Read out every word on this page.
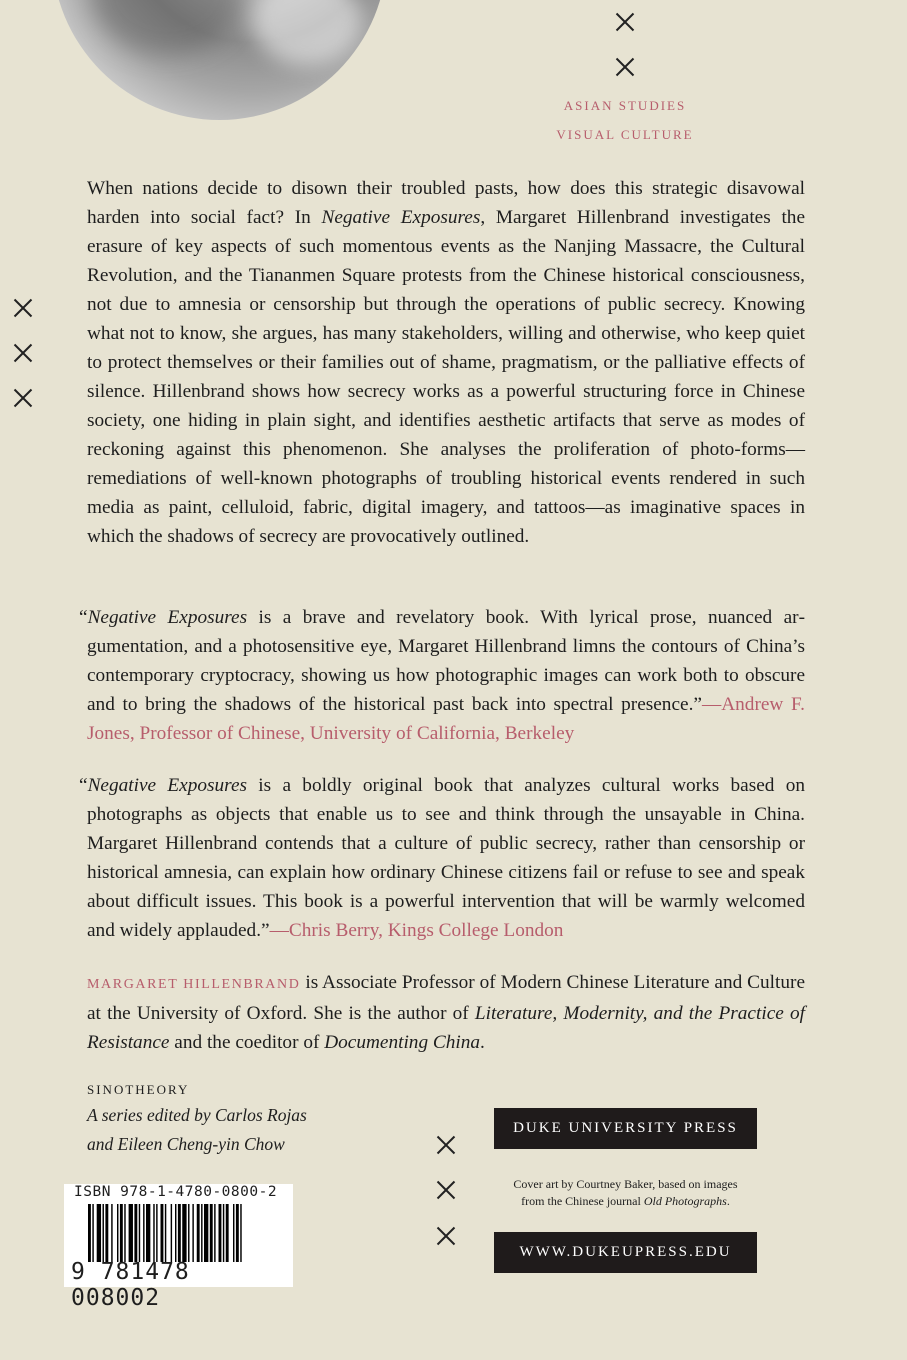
ASIAN STUDIES
VISUAL CULTURE

When nations decide to disown their troubled pasts, how does this strategic disavowal harden into social fact? In Negative Exposures, Margaret Hillenbrand investigates the erasure of key aspects of such momentous events as the Nanjing Massacre, the Cultural Revolution, and the Tiananmen Square protests from the Chinese historical consciousness, not due to amnesia or censorship but through the operations of public secrecy. Knowing what not to know, she argues, has many stakeholders, willing and otherwise, who keep quiet to protect themselves or their families out of shame, pragmatism, or the palliative effects of silence. Hillenbrand shows how secrecy works as a powerful structuring force in Chinese society, one hiding in plain sight, and identifies aesthetic artifacts that serve as modes of reckoning against this phenomenon. She analyses the proliferation of photo-forms—remediations of well-known photographs of troubling historical events rendered in such media as paint, celluloid, fabric, digital imagery, and tattoos—as imaginative spaces in which the shadows of secrecy are provocatively outlined.

“Negative Exposures is a brave and revelatory book. With lyrical prose, nuanced argumentation, and a photosensitive eye, Margaret Hillenbrand limns the contours of China’s contemporary cryptocracy, showing us how photographic images can work both to obscure and to bring the shadows of the historical past back into spectral presence.”—Andrew F. Jones, Professor of Chinese, University of California, Berkeley

“Negative Exposures is a boldly original book that analyzes cultural works based on photographs as objects that enable us to see and think through the unsayable in China. Margaret Hillenbrand contends that a culture of public secrecy, rather than censorship or historical amnesia, can explain how ordinary Chinese citizens fail or refuse to see and speak about difficult issues. This book is a powerful intervention that will be warmly welcomed and widely applauded.”—Chris Berry, Kings College London

MARGARET HILLENBRAND is Associate Professor of Modern Chinese Literature and Culture at the University of Oxford. She is the author of Literature, Modernity, and the Practice of Resistance and the coeditor of Documenting China.

SINOTHEORY
A series edited by Carlos Rojas
and Eileen Cheng-yin Chow
DUKE UNIVERSITY PRESS
Cover art by Courtney Baker, based on images
from the Chinese journal Old Photographs.
WWW.DUKEUPRESS.EDU
ISBN 978-1-4780-0800-2
9 781478 008002
